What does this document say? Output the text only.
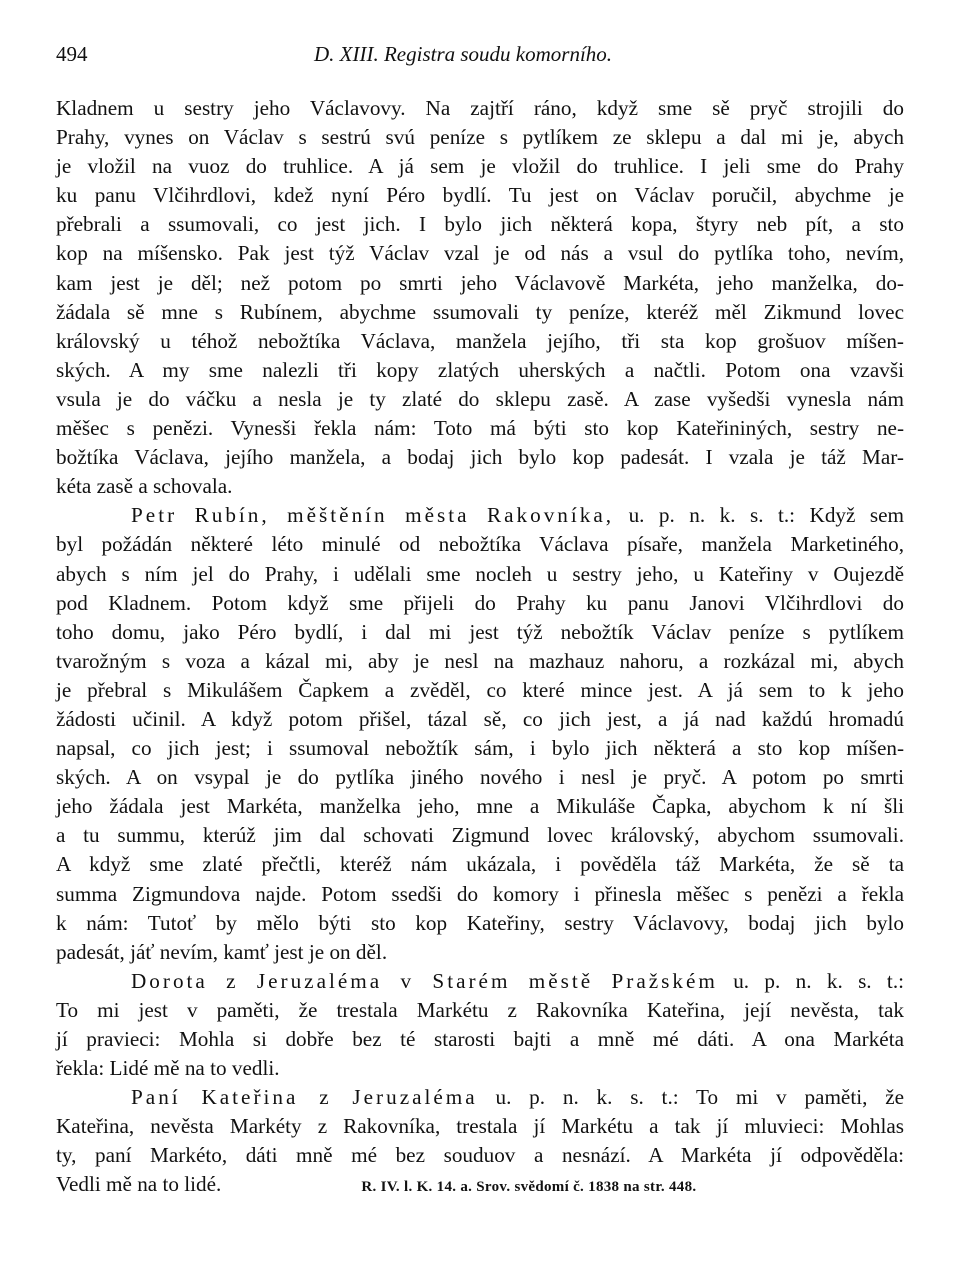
494	D. XIII. Registra soudu komorního.
Kladnem u sestry jeho Václavovy. Na zajtří ráno, když sme sě pryč strojili do
Prahy, vynes on Václav s sestrú svú peníze s pytlíkem ze sklepu a dal mi je, abych
je vložil na vuoz do truhlice. A já sem je vložil do truhlice. I jeli sme do Prahy
ku panu Vlčihrdlovi, kdež nyní Péro bydlí. Tu jest on Václav poručil, abychme je
přebrali a ssumovali, co jest jich. I bylo jich některá kopa, štyry neb pít, a sto
kop na míšensko. Pak jest týž Václav vzal je od nás a vsul do pytlíka toho, nevím,
kam jest je děl; než potom po smrti jeho Václavově Markéta, jeho manželka, do-
žádala sě mne s Rubínem, abychme ssumovali ty peníze, kteréž měl Zikmund lovec
královský u téhož nebožtíka Václava, manžela jejího, tři sta kop grošuov míšen-
ských. A my sme nalezli tři kopy zlatých uherských a načtli. Potom ona vzavši
vsula je do váčku a nesla je ty zlaté do sklepu zasě. A zase vyšedši vynesla nám
měšec s penězi. Vynesši řekla nám: Toto má býti sto kop Kateřininých, sestry ne-
božtíka Václava, jejího manžela, a bodaj jich bylo kop padesát. I vzala je táž Mar-
kéta zasě a schovala.
Petr Rubín, měštěnín města Rakovníka, u. p. n. k. s. t.: Když sem
byl požádán některé léto minulé od nebožtíka Václava písaře, manžela Marketiného,
abych s ním jel do Prahy, i udělali sme nocleh u sestry jeho, u Kateřiny v Oujezdě
pod Kladnem. Potom když sme přijeli do Prahy ku panu Janovi Vlčihrdlovi do
toho domu, jako Péro bydlí, i dal mi jest týž nebožtík Václav peníze s pytlíkem
tvarožným s voza a kázal mi, aby je nesl na mazhauz nahoru, a rozkázal mi, abych
je přebral s Mikulášem Čapkem a zvěděl, co které mince jest. A já sem to k jeho
žádosti učinil. A když potom přišel, tázal sě, co jich jest, a já nad každú hromadú
napsal, co jich jest; i ssumoval nebožtík sám, i bylo jich některá a sto kop míšen-
ských. A on vsypal je do pytlíka jiného nového i nesl je pryč. A potom po smrti
jeho žádala jest Markéta, manželka jeho, mne a Mikuláše Čapka, abychom k ní šli
a tu summu, kterúž jim dal schovati Zigmund lovec královský, abychom ssumovali.
A když sme zlaté přečtli, kteréž nám ukázala, i pověděla táž Markéta, že sě ta
summa Zigmundova najde. Potom ssedši do komory i přinesla měšec s penězi a řekla
k nám: Tutoť by mělo býti sto kop Kateřiny, sestry Václavovy, bodaj jich bylo
padesát, jáť nevím, kamť jest je on děl.
Dorota z Jeruzaléma v Starém městě Pražském u. p. n. k. s. t.:
To mi jest v paměti, že trestala Markétu z Rakovníka Kateřina, její nevěsta, tak
jí pravieci: Mohla si dobře bez té starosti bajti a mně mé dáti. A ona Markéta
řekla: Lidé mě na to vedli.
Paní Kateřina z Jeruzaléma u. p. n. k. s. t.: To mi v paměti, že
Kateřina, nevěsta Markéty z Rakovníka, trestala jí Markétu a tak jí mluvieci: Mohlas
ty, paní Markéto, dáti mně mé bez souduov a nesnází. A Markéta jí odpověděla:
Vedli mě na to lidé.	R. IV. l. K. 14. a. Srov. svědomí č. 1838 na str. 448.
